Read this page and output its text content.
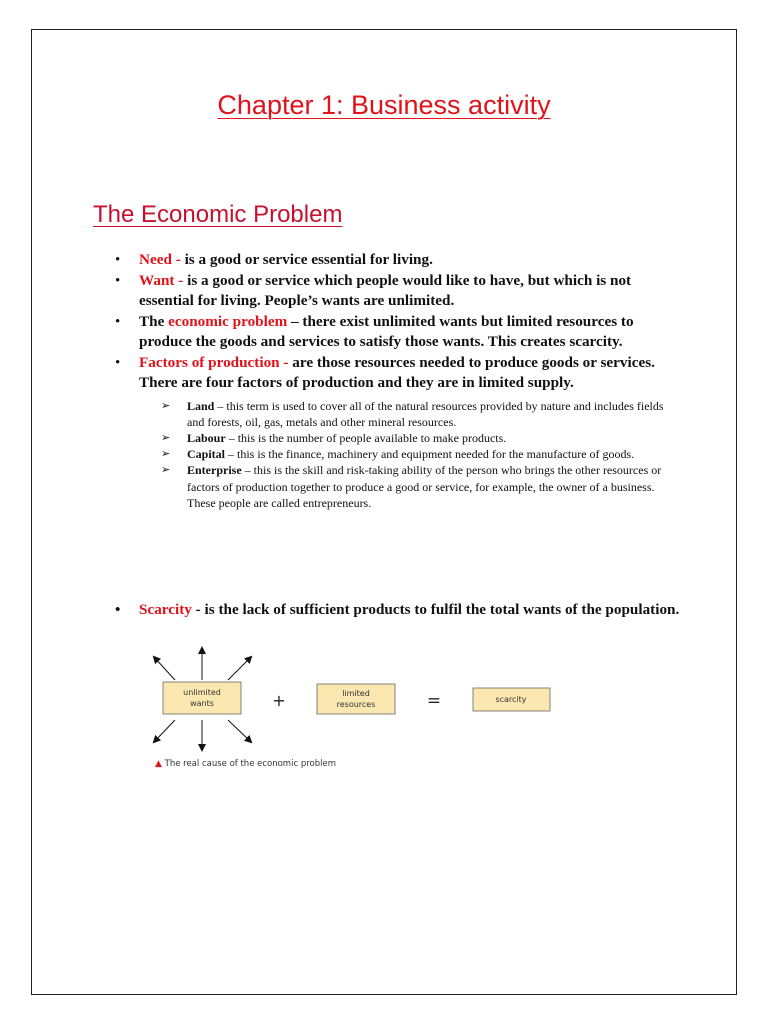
Chapter 1: Business activity
The Economic Problem
• Need - is a good or service essential for living.
• Want - is a good or service which people would like to have, but which is not essential for living. People’s wants are unlimited.
• The economic problem – there exist unlimited wants but limited resources to produce the goods and services to satisfy those wants. This creates scarcity.
• Factors of production - are those resources needed to produce goods or services. There are four factors of production and they are in limited supply.
➢ Land – this term is used to cover all of the natural resources provided by nature and includes fields and forests, oil, gas, metals and other mineral resources.
➢ Labour – this is the number of people available to make products.
➢ Capital – this is the finance, machinery and equipment needed for the manufacture of goods.
➢ Enterprise – this is the skill and risk-taking ability of the person who brings the other resources or factors of production together to produce a good or service, for example, the owner of a business. These people are called entrepreneurs.
• Scarcity - is the lack of sufficient products to fulfil the total wants of the population.
unlimited
wants	+	limited
resources	=	scarcity
▲ The real cause of the economic problem
